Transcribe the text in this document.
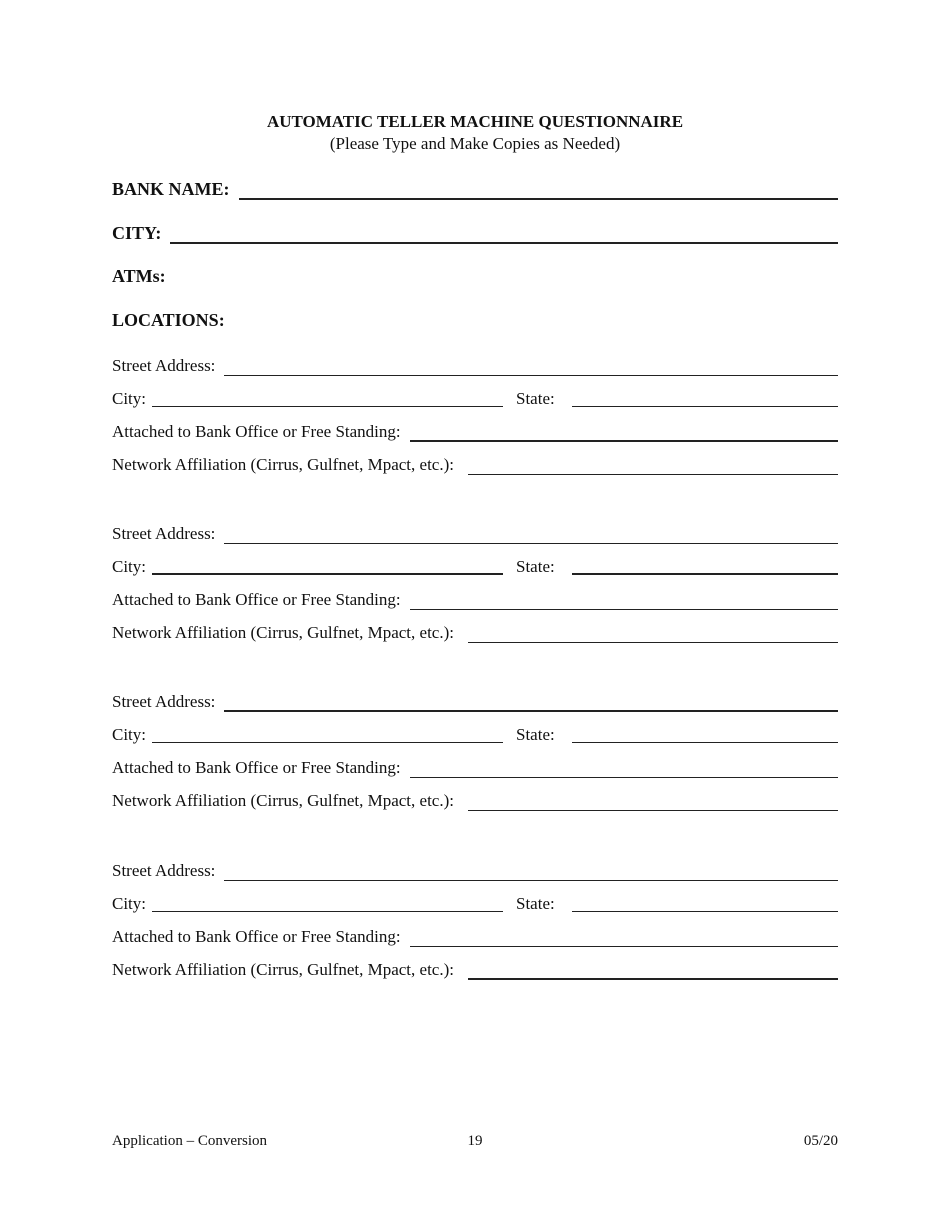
AUTOMATIC TELLER MACHINE QUESTIONNAIRE
(Please Type and Make Copies as Needed)
BANK NAME:
CITY:
ATMs:
LOCATIONS:
Street Address:
City:	State:
Attached to Bank Office or Free Standing:
Network Affiliation (Cirrus, Gulfnet, Mpact, etc.):
Street Address:
City:	State:
Attached to Bank Office or Free Standing:
Network Affiliation (Cirrus, Gulfnet, Mpact, etc.):
Street Address:
City:	State:
Attached to Bank Office or Free Standing:
Network Affiliation (Cirrus, Gulfnet, Mpact, etc.):
Street Address:
City:	State:
Attached to Bank Office or Free Standing:
Network Affiliation (Cirrus, Gulfnet, Mpact, etc.):
Application – Conversion	19	05/20
